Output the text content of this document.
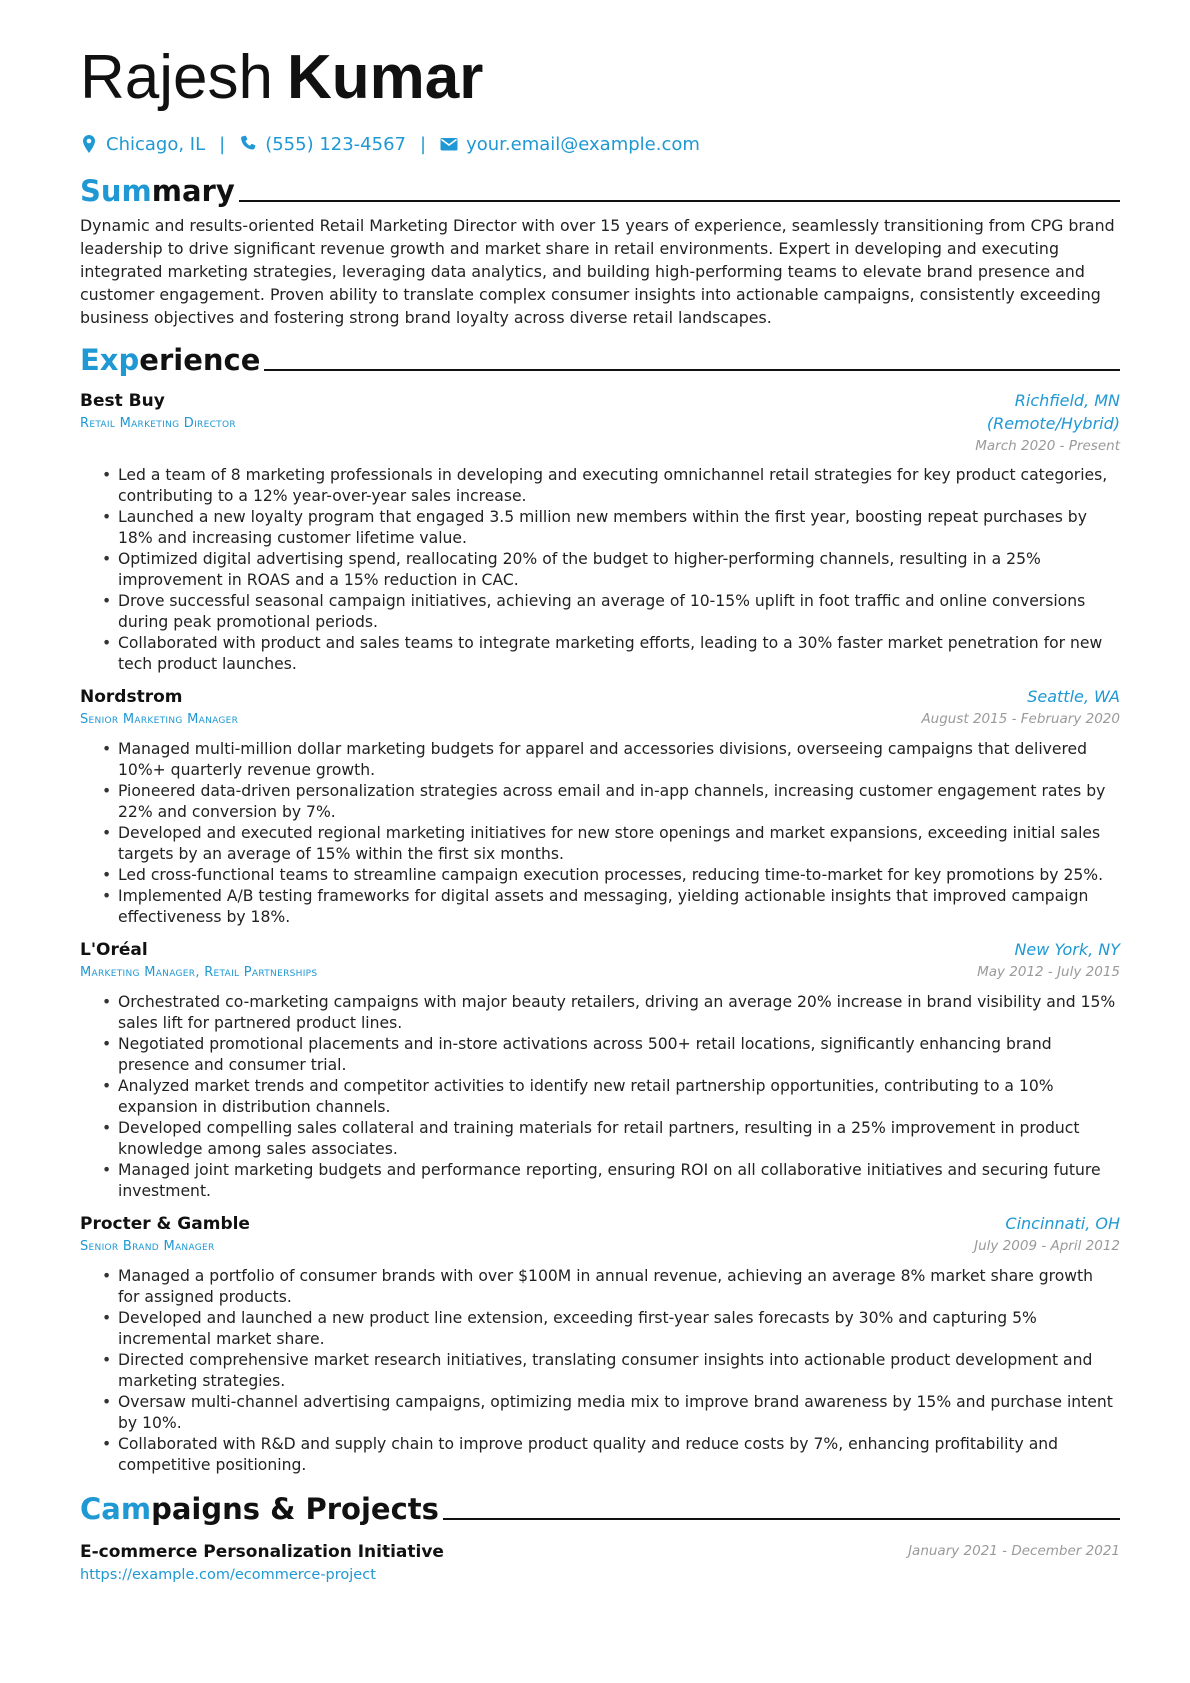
Rajesh Kumar
Chicago, IL | (555) 123-4567 | your.email@example.com
Summary
Dynamic and results-oriented Retail Marketing Director with over 15 years of experience, seamlessly transitioning from CPG brand leadership to drive significant revenue growth and market share in retail environments. Expert in developing and executing integrated marketing strategies, leveraging data analytics, and building high-performing teams to elevate brand presence and customer engagement. Proven ability to translate complex consumer insights into actionable campaigns, consistently exceeding business objectives and fostering strong brand loyalty across diverse retail landscapes.
Experience
Best Buy
Retail Marketing Director
Richfield, MN (Remote/Hybrid)
March 2020 - Present
• Led a team of 8 marketing professionals in developing and executing omnichannel retail strategies for key product categories, contributing to a 12% year-over-year sales increase.
• Launched a new loyalty program that engaged 3.5 million new members within the first year, boosting repeat purchases by 18% and increasing customer lifetime value.
• Optimized digital advertising spend, reallocating 20% of the budget to higher-performing channels, resulting in a 25% improvement in ROAS and a 15% reduction in CAC.
• Drove successful seasonal campaign initiatives, achieving an average of 10-15% uplift in foot traffic and online conversions during peak promotional periods.
• Collaborated with product and sales teams to integrate marketing efforts, leading to a 30% faster market penetration for new tech product launches.
Nordstrom
Senior Marketing Manager
Seattle, WA
August 2015 - February 2020
• Managed multi-million dollar marketing budgets for apparel and accessories divisions, overseeing campaigns that delivered 10%+ quarterly revenue growth.
• Pioneered data-driven personalization strategies across email and in-app channels, increasing customer engagement rates by 22% and conversion by 7%.
• Developed and executed regional marketing initiatives for new store openings and market expansions, exceeding initial sales targets by an average of 15% within the first six months.
• Led cross-functional teams to streamline campaign execution processes, reducing time-to-market for key promotions by 25%.
• Implemented A/B testing frameworks for digital assets and messaging, yielding actionable insights that improved campaign effectiveness by 18%.
L'Oréal
Marketing Manager, Retail Partnerships
New York, NY
May 2012 - July 2015
• Orchestrated co-marketing campaigns with major beauty retailers, driving an average 20% increase in brand visibility and 15% sales lift for partnered product lines.
• Negotiated promotional placements and in-store activations across 500+ retail locations, significantly enhancing brand presence and consumer trial.
• Analyzed market trends and competitor activities to identify new retail partnership opportunities, contributing to a 10% expansion in distribution channels.
• Developed compelling sales collateral and training materials for retail partners, resulting in a 25% improvement in product knowledge among sales associates.
• Managed joint marketing budgets and performance reporting, ensuring ROI on all collaborative initiatives and securing future investment.
Procter & Gamble
Senior Brand Manager
Cincinnati, OH
July 2009 - April 2012
• Managed a portfolio of consumer brands with over $100M in annual revenue, achieving an average 8% market share growth for assigned products.
• Developed and launched a new product line extension, exceeding first-year sales forecasts by 30% and capturing 5% incremental market share.
• Directed comprehensive market research initiatives, translating consumer insights into actionable product development and marketing strategies.
• Oversaw multi-channel advertising campaigns, optimizing media mix to improve brand awareness by 15% and purchase intent by 10%.
• Collaborated with R&D and supply chain to improve product quality and reduce costs by 7%, enhancing profitability and competitive positioning.
Campaigns & Projects
E-commerce Personalization Initiative
https://example.com/ecommerce-project
January 2021 - December 2021
